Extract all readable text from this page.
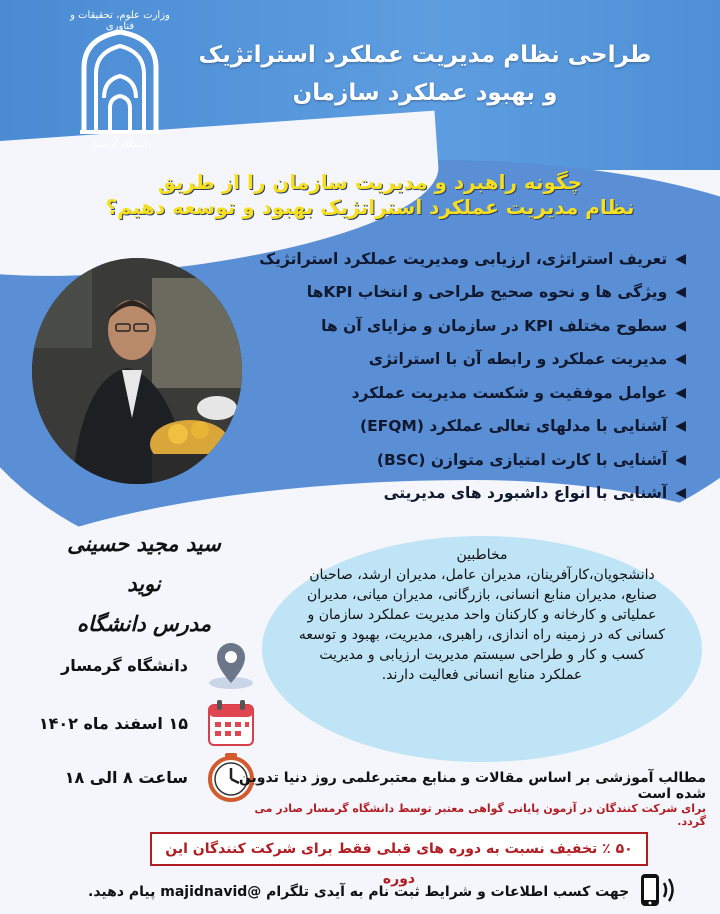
وزارت علوم، تحقیقات و فناوری
دانشگاه گرمسار
طراحی نظام مدیریت عملکرد استراتژیک
و بهبود عملکرد سازمان
چگونه راهبرد و مدیریت سازمان را از طریق
نظام مدیریت عملکرد استراتژیک بهبود و توسعه دهیم؟
◀
تعریف استراتژی، ارزیابی ومدیریت عملکرد استراتژیک
◀
ویژگی ها و نحوه صحیح طراحی و انتخاب KPIها
◀
سطوح مختلف KPI در سازمان و مزایای آن ها
◀
مدیریت عملکرد و رابطه آن با استراتژی
◀
عوامل موفقیت و شکست مدیریت عملکرد
◀
آشنایی با مدلهای تعالی عملکرد (EFQM)
◀
آشنایی با کارت امتیازی متوازن (BSC)
◀
آشنایی با انواع داشبورد های مدیریتی
سید مجید حسینی نوید
مدرس دانشگاه
مخاطبین
دانشجویان،کارآفرینان، مدیران عامل، مدیران ارشد، صاحبان صنایع، مدیران منابع انسانی، بازرگانی، مدیران میانی، مدیران عملیاتی و کارخانه و کارکنان واحد مدیریت عملکرد سازمان و کسانی که در زمینه راه اندازی، راهبری، مدیریت، بهبود و توسعه کسب و کار و طراحی سیستم مدیریت ارزیابی و مدیریت عملکرد منابع انسانی فعالیت دارند.
دانشگاه گرمسار
۱۵ اسفند ماه ۱۴۰۲
ساعت ۸ الی ۱۸	مطالب آموزشی بر اساس مقالات و منابع معتبرعلمی روز دنیا تدوین شده است
برای شرکت کنندگان در آزمون پایانی گواهی معتبر توسط دانشگاه گرمسار صادر می گردد.
۵۰ ٪ تخفیف نسبت به دوره های قبلی فقط برای شرکت کنندگان این دوره
جهت کسب اطلاعات و شرایط ثبت نام به آیدی تلگرام @majidnavid پیام دهید.
